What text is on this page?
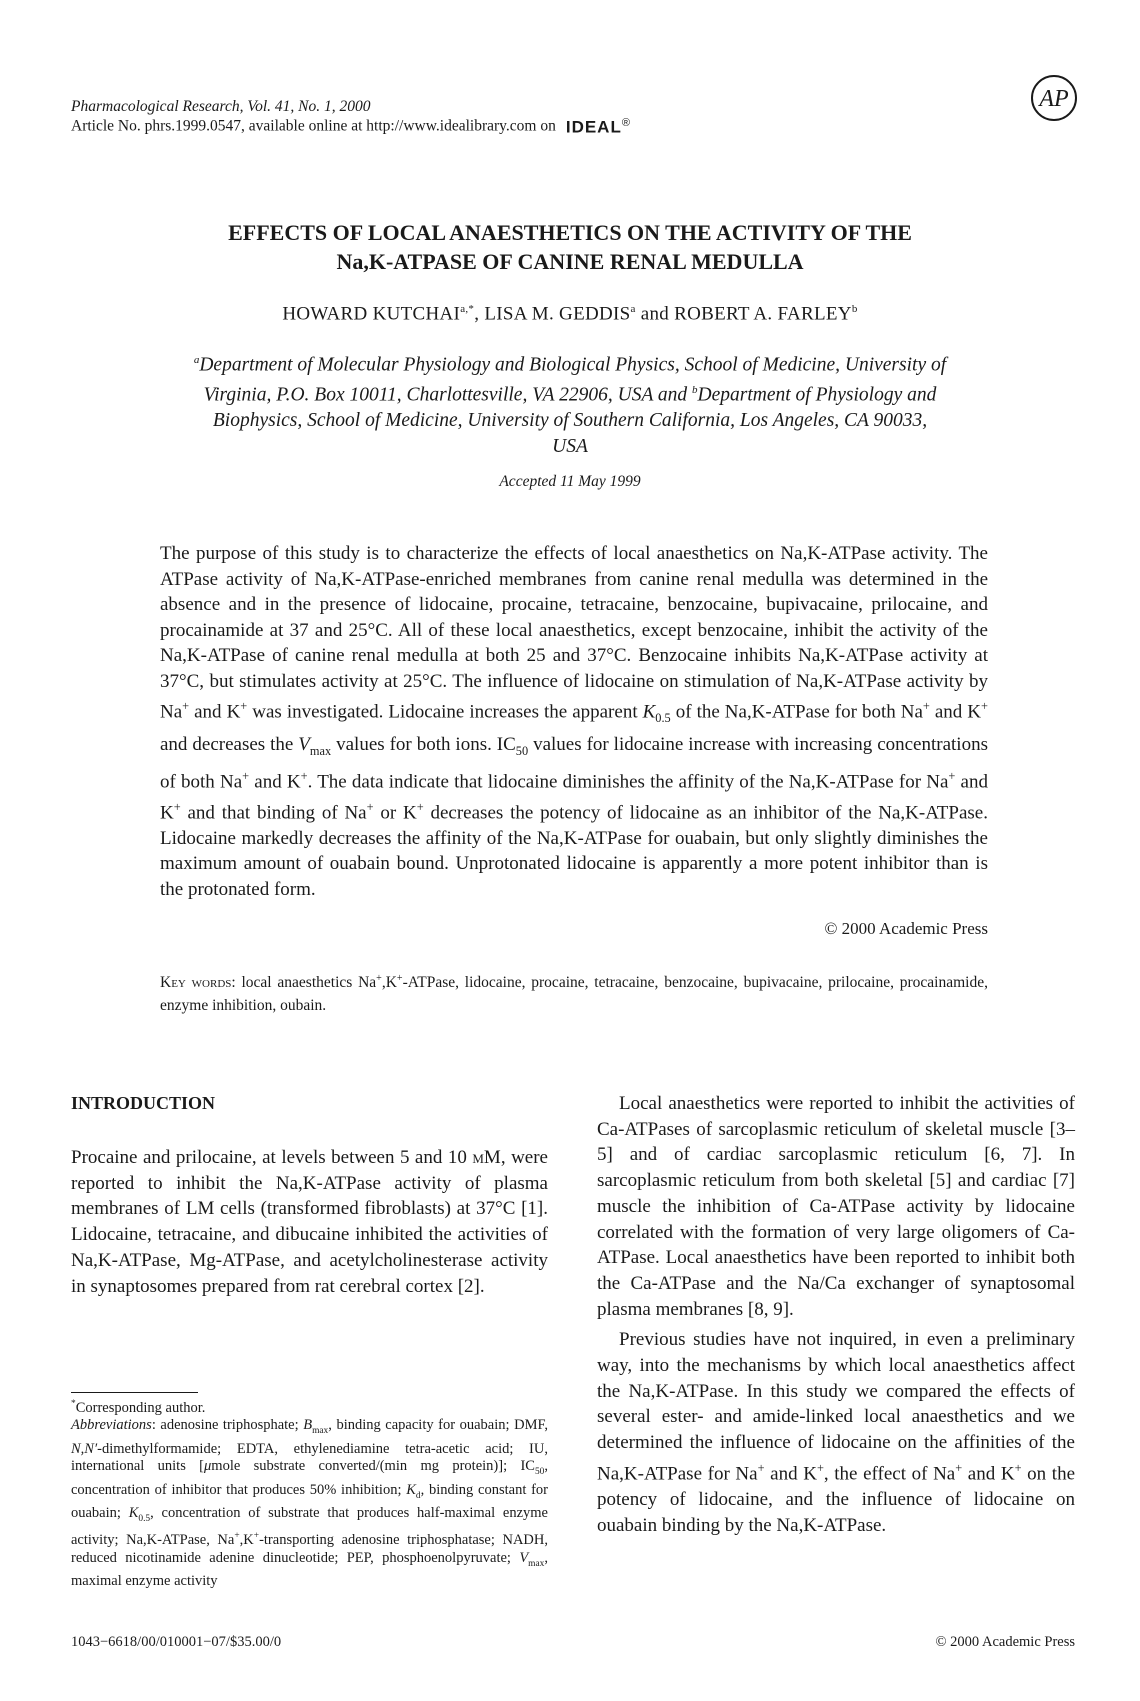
Pharmacological Research, Vol. 41, No. 1, 2000
Article No. phrs.1999.0547, available online at http://www.idealibrary.com on IDEAL®
AP
EFFECTS OF LOCAL ANAESTHETICS ON THE ACTIVITY OF THE
Na,K-ATPASE OF CANINE RENAL MEDULLA
HOWARD $KUTCHAI^{a,*}$, LISA M. GEDDIS$^a$ and ROBERT A. FARLEY$^b$
$^a$Department of Molecular Physiology and Biological Physics, School of Medicine, University of
Virginia, P.O. Box 10011, Charlottesville, VA 22906, USA and $^b$Department of Physiology and
Biophysics, School of Medicine, University of Southern California, Los Angeles, CA 90033,
USA
Accepted 11 May 1999
The purpose of this study is to characterize the effects of local anaesthetics on Na,K-ATPase activity. The ATPase activity of Na,K-ATPase-enriched membranes from canine renal medulla was determined in the absence and in the presence of lidocaine, procaine, tetracaine, benzocaine, bupivacaine, prilocaine, and procainamide at 37 and 25°C. All of these local anaesthetics, except benzocaine, inhibit the activity of the Na,K-ATPase of canine renal medulla at both 25 and 37°C. Benzocaine inhibits Na,K-ATPase activity at 37°C, but stimulates activity at 25°C. The influence of lidocaine on stimulation of Na,K-ATPase activity by Na+ and K+ was investigated. Lidocaine increases the apparent $K_{0.5}$ of the Na,K-ATPase for both Na+ and K+ and decreases the $V_{max}$ values for both ions. $IC_{50}$ values for lidocaine increase with increasing concentrations of both Na+ and K+. The data indicate that lidocaine diminishes the affinity of the Na,K-ATPase for Na+ and K+ and that binding of Na+ or K+ decreases the potency of lidocaine as an inhibitor of the Na,K-ATPase. Lidocaine markedly decreases the affinity of the Na,K-ATPase for ouabain, but only slightly diminishes the maximum amount of ouabain bound. Unprotonated lidocaine is apparently a more potent inhibitor than is the protonated form.
© 2000 Academic Press
Key words: local anaesthetics Na+,K+-ATPase, lidocaine, procaine, tetracaine, benzocaine, bupivacaine, prilocaine, procainamide, enzyme inhibition, oubain.
INTRODUCTION
Procaine and prilocaine, at levels between 5 and 10 mM, were reported to inhibit the Na,K-ATPase activity of plasma membranes of LM cells (transformed fibroblasts) at 37°C [1]. Lidocaine, tetracaine, and dibucaine inhibited the activities of Na,K-ATPase, Mg-ATPase, and acetylcholinesterase activity in synaptosomes prepared from rat cerebral cortex [2].

Local anaesthetics were reported to inhibit the activities of Ca-ATPases of sarcoplasmic reticulum of skeletal muscle [3–5] and of cardiac sarcoplasmic reticulum [6, 7]. In sarcoplasmic reticulum from both skeletal [5] and cardiac [7] muscle the inhibition of Ca-ATPase activity by lidocaine correlated with the formation of very large oligomers of Ca-ATPase. Local anaesthetics have been reported to inhibit both the Ca-ATPase and the Na/Ca exchanger of synaptosomal plasma membranes [8, 9].

Previous studies have not inquired, in even a preliminary way, into the mechanisms by which local anaesthetics affect the Na,K-ATPase. In this study we compared the effects of several ester- and amide-linked local anaesthetics and we determined the influence of lidocaine on the affinities of the Na,K-ATPase for Na+ and K+, the effect of Na+ and K+ on the potency of lidocaine, and the influence of lidocaine on ouabain binding by the Na,K-ATPase.

*Corresponding author.

Abbreviations: adenosine triphosphate; $B_{max}$, binding capacity for ouabain; DMF, N,N′-dimethylformamide; EDTA, ethylenediamine tetra-acetic acid; IU, international units [μmole substrate converted/(min mg protein)]; $IC_{50}$, concentration of inhibitor that produces 50% inhibition; $K_d$, binding constant for ouabain; $K_{0.5}$, concentration of substrate that produces half-maximal enzyme activity; Na,K-ATPase, Na+,K+-transporting adenosine triphosphatase; NADH, reduced nicotinamide adenine dinucleotide; PEP, phosphoenolpyruvate; $V_{max}$, maximal enzyme activity

1043−6618/00/010001−07/$35.00/0	© 2000 Academic Press
